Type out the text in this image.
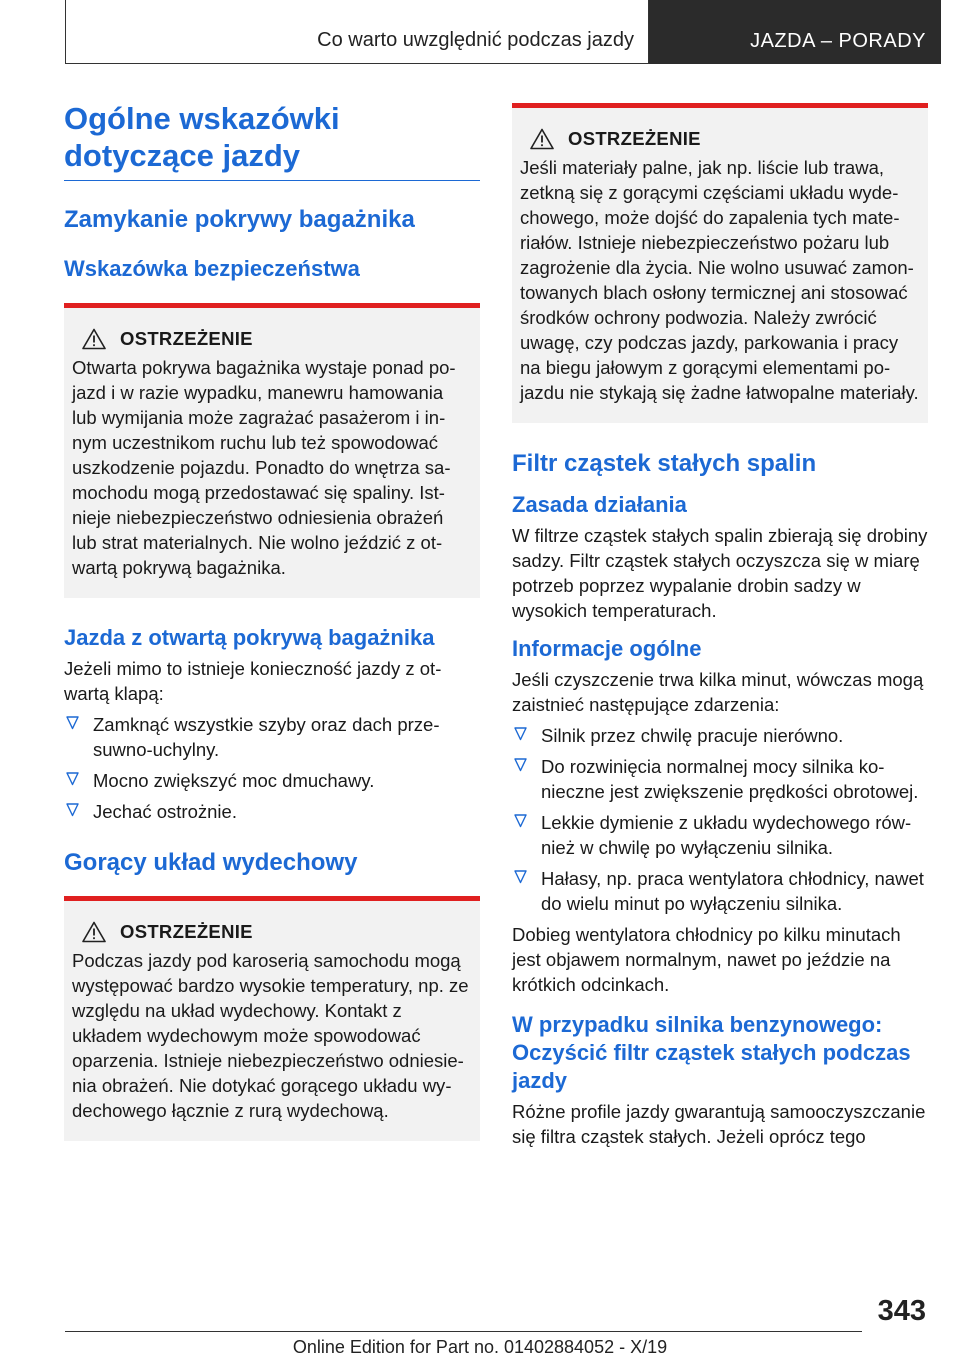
Co warto uwzględnić podczas jazdy	JAZDA – PORADY
Ogólne wskazówki dotyczące jazdy
Zamykanie pokrywy bagażnika
Wskazówka bezpieczeństwa
OSTRZEŻENIE

Otwarta pokrywa bagażnika wystaje ponad pojazd i w razie wypadku, manewru hamowania lub wymijania może zagrażać pasażerom i innym uczestnikom ruchu lub też spowodować uszkodzenie pojazdu. Ponadto do wnętrza samochodu mogą przedostawać się spaliny. Istnieje niebezpieczeństwo odniesienia obrażeń lub strat materialnych. Nie wolno jeździć z otwartą pokrywą bagażnika.

Jazda z otwartą pokrywą bagażnika

Jeżeli mimo to istnieje konieczność jazdy z otwartą klapą:

Zamknąć wszystkie szyby oraz dach przesuwno-uchylny.
Mocno zwiększyć moc dmuchawy.
Jechać ostrożnie.
Gorący układ wydechowy
OSTRZEŻENIE

Podczas jazdy pod karoserią samochodu mogą występować bardzo wysokie temperatury, np. ze względu na układ wydechowy. Kontakt z układem wydechowym może spowodować oparzenia. Istnieje niebezpieczeństwo odniesienia obrażeń. Nie dotykać gorącego układu wydechowego łącznie z rurą wydechową.

OSTRZEŻENIE

Jeśli materiały palne, jak np. liście lub trawa, zetkną się z gorącymi częściami układu wydechowego, może dojść do zapalenia tych materiałów. Istnieje niebezpieczeństwo pożaru lub zagrożenie dla życia. Nie wolno usuwać zamontowanych blach osłony termicznej ani stosować środków ochrony podwozia. Należy zwrócić uwagę, czy podczas jazdy, parkowania i pracy na biegu jałowym z gorącymi elementami pojazdu nie stykają się żadne łatwopalne materiały.

Filtr cząstek stałych spalin
Zasada działania

W filtrze cząstek stałych spalin zbierają się drobiny sadzy. Filtr cząstek stałych oczyszcza się w miarę potrzeb poprzez wypalanie drobin sadzy w wysokich temperaturach.

Informacje ogólne

Jeśli czyszczenie trwa kilka minut, wówczas mogą zaistnieć następujące zdarzenia:

Silnik przez chwilę pracuje nierówno.
Do rozwinięcia normalnej mocy silnika konieczne jest zwiększenie prędkości obrotowej.
Lekkie dymienie z układu wydechowego również w chwilę po wyłączeniu silnika.
Hałasy, np. praca wentylatora chłodnicy, nawet do wielu minut po wyłączeniu silnika.

Dobieg wentylatora chłodnicy po kilku minutach jest objawem normalnym, nawet po jeździe na krótkich odcinkach.

W przypadku silnika benzynowego: Oczyścić filtr cząstek stałych podczas jazdy

Różne profile jazdy gwarantują samooczyszczanie się filtra cząstek stałych. Jeżeli oprócz tego

343
Online Edition for Part no. 01402884052 - X/19
